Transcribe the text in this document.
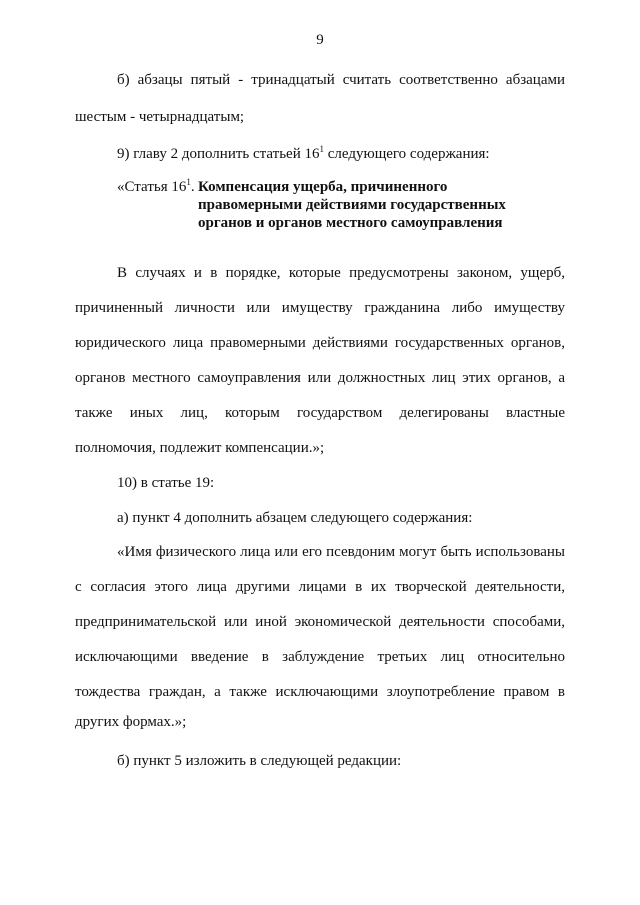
9
б) абзацы пятый - тринадцатый считать соответственно абзацами
шестым - четырнадцатым;
9) главу 2 дополнить статьей $16^1$ следующего содержания:
«Статья $16^1$. Компенсация ущерба, причиненного
правомерными действиями государственных
органов и органов местного самоуправления
В случаях и в порядке, которые предусмотрены законом, ущерб,
причиненный личности или имуществу гражданина либо имуществу
юридического лица правомерными действиями государственных органов,
органов местного самоуправления или должностных лиц этих органов, а
также иных лиц, которым государством делегированы властные
полномочия, подлежит компенсации.»;
10) в статье 19:
а) пункт 4 дополнить абзацем следующего содержания:
«Имя физического лица или его псевдоним могут быть использованы
с согласия этого лица другими лицами в их творческой деятельности,
предпринимательской или иной экономической деятельности способами,
исключающими введение в заблуждение третьих лиц относительно
тождества граждан, а также исключающими злоупотребление правом в
других формах.»;
б) пункт 5 изложить в следующей редакции:
